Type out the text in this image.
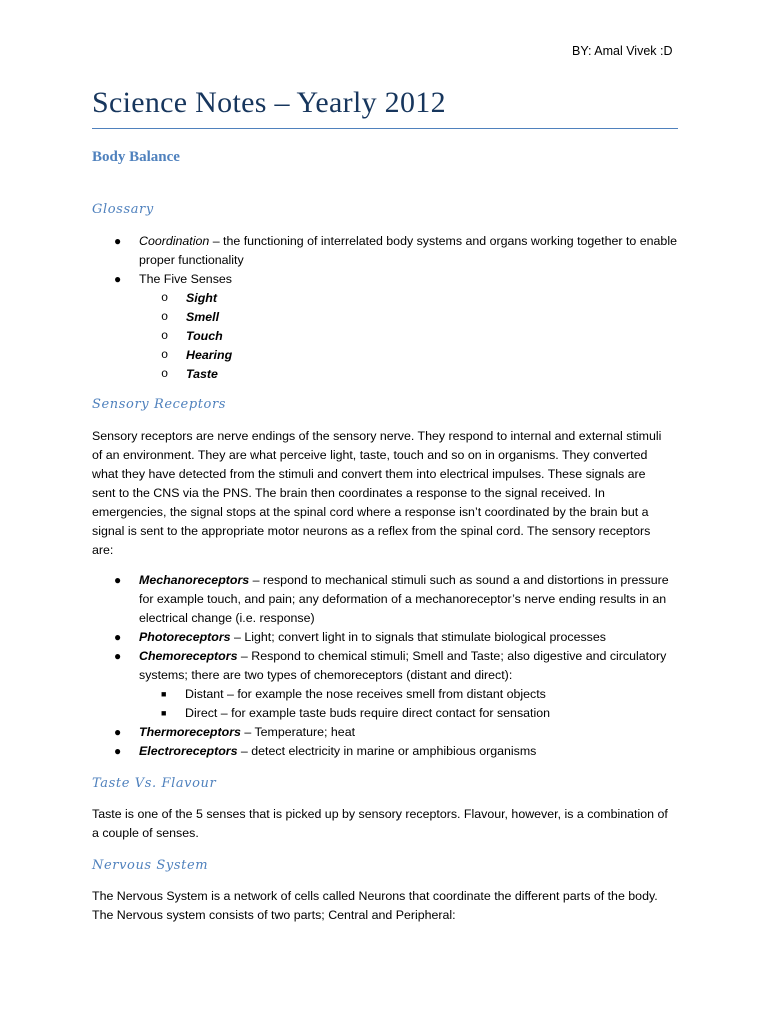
BY: Amal Vivek :D
Science Notes – Yearly 2012
Body Balance
Glossary
● Coordination – the functioning of interrelated body systems and organs working together to enable proper functionality
● The Five Senses
o Sight
o Smell
o Touch
o Hearing
o Taste
Sensory Receptors
Sensory receptors are nerve endings of the sensory nerve. They respond to internal and external stimuli of an environment. They are what perceive light, taste, touch and so on in organisms. They converted what they have detected from the stimuli and convert them into electrical impulses. These signals are sent to the CNS via the PNS. The brain then coordinates a response to the signal received. In emergencies, the signal stops at the spinal cord where a response isn’t coordinated by the brain but a signal is sent to the appropriate motor neurons as a reflex from the spinal cord. The sensory receptors are:
● Mechanoreceptors – respond to mechanical stimuli such as sound a and distortions in pressure for example touch, and pain; any deformation of a mechanoreceptor’s nerve ending results in an electrical change (i.e. response)
● Photoreceptors – Light; convert light in to signals that stimulate biological processes
● Chemoreceptors – Respond to chemical stimuli; Smell and Taste; also digestive and circulatory systems; there are two types of chemoreceptors (distant and direct):
■ Distant – for example the nose receives smell from distant objects
■ Direct – for example taste buds require direct contact for sensation
● Thermoreceptors – Temperature; heat
● Electroreceptors – detect electricity in marine or amphibious organisms
Taste Vs. Flavour
Taste is one of the 5 senses that is picked up by sensory receptors. Flavour, however, is a combination of a couple of senses.
Nervous System
The Nervous System is a network of cells called Neurons that coordinate the different parts of the body. The Nervous system consists of two parts; Central and Peripheral:
